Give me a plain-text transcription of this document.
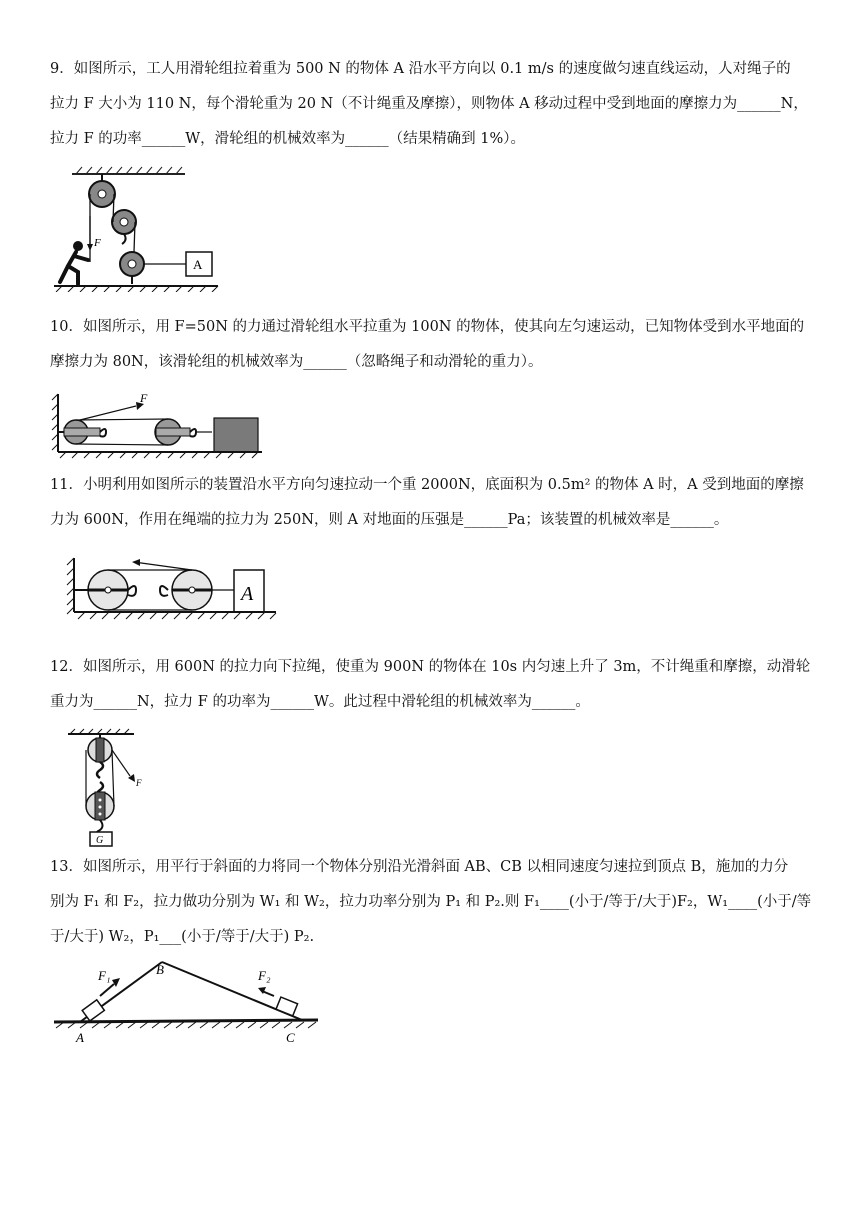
9．如图所示，工人用滑轮组拉着重为 500 N 的物体 A 沿水平方向以 0.1 m/s 的速度做匀速直线运动，人对绳子的
拉力 F 大小为 110 N，每个滑轮重为 20 N（不计绳重及摩擦），则物体 A 移动过程中受到地面的摩擦力为______N，
拉力 F 的功率______W，滑轮组的机械效率为______（结果精确到 1%）。
F
A
10．如图所示，用 F=50N 的力通过滑轮组水平拉重为 100N 的物体，使其向左匀速运动，已知物体受到水平地面的
摩擦力为 80N，该滑轮组的机械效率为______（忽略绳子和动滑轮的重力）。
F
11．小明利用如图所示的装置沿水平方向匀速拉动一个重 2000N，底面积为 0.5m² 的物体 A 时，A 受到地面的摩擦
力为 600N，作用在绳端的拉力为 250N，则 A 对地面的压强是______Pa；该装置的机械效率是______。
A
12．如图所示，用 600N 的拉力向下拉绳，使重为 900N 的物体在 10s 内匀速上升了 3m，不计绳重和摩擦，动滑轮
重力为______N，拉力 F 的功率为______W。此过程中滑轮组的机械效率为______。
F
G
13．如图所示，用平行于斜面的力将同一个物体分别沿光滑斜面 AB、CB 以相同速度匀速拉到顶点 B，施加的力分
别为 F₁ 和 F₂，拉力做功分别为 W₁ 和 W₂，拉力功率分别为 P₁ 和 P₂.则 F₁____(小于/等于/大于)F₂，W₁____(小于/等
于/大于) W₂，P₁___(小于/等于/大于) P₂.
F₁	F₂
B
A	C
